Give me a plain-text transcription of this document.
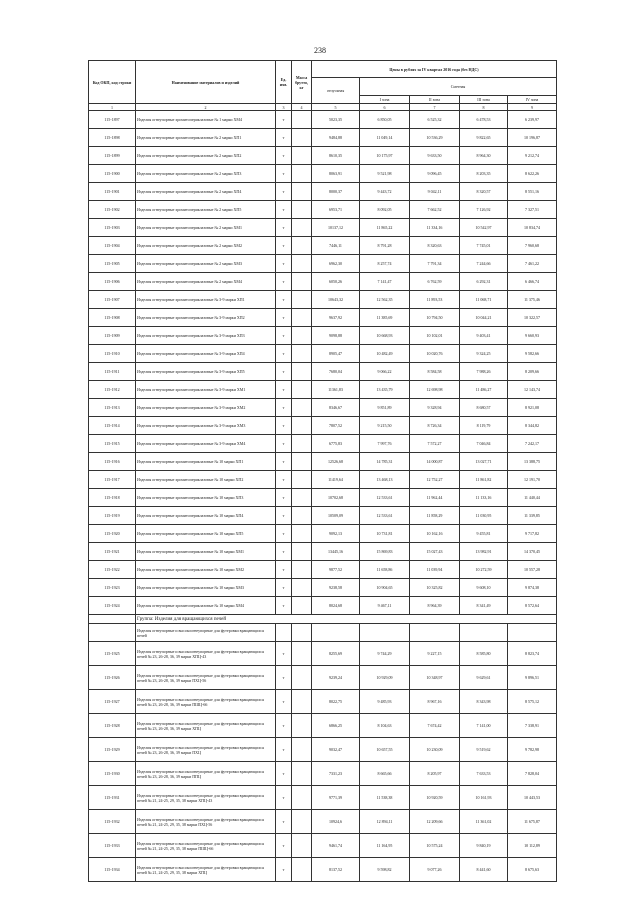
238
Код ОКП, код строки	Наименование материалов и изделий	Ед. изм.	Масса брутто, кг	Цены в рублях за IV квартал 2016 года (без НДС)				
				отпускная	Сметная			
					I зона	II зона	III зона	IV зона
1	2	3	4	5	6	7	8	9
115-1897	Изделия огнеупорные хромитопериклазовые № 1 марки ХМ4	т		5023,35	6 850,05	6 525,32	6 478,53	6 239,97
115-1898	Изделия огнеупорные хромитопериклазовые № 2 марки ХП1	т		9484,88	11 049,14	10 536,29	9 822,65	10 196,87
115-1899	Изделия огнеупорные хромитопериклазовые № 2 марки ХП2	т		8610,35	10 175,97	9 633,50	8 964,30	9 212,74
115-1900	Изделия огнеупорные хромитопериклазовые № 2 марки ХП3	т		8063,91	9 521,98	9 096,45	8 203,35	8 622,26
115-1901	Изделия огнеупорные хромитопериклазовые № 2 марки ХП4	т		8000,37	9 443,72	9 042,11	8 320,57	8 551,16
115-1902	Изделия огнеупорные хромитопериклазовые № 2 марки ХП5	т		6953,71	8 092,05	7 662,52	7 126,92	7 327,51
115-1903	Изделия огнеупорные хромитопериклазовые № 2 марки ХМ1	т		10137,12	11 865,22	11 334,16	10 542,97	10 834,74
115-1904	Изделия огнеупорные хромитопериклазовые № 2 марки ХМ2	т		7446,11	8 791,28	8 320,63	7 745,01	7 960,68
115-1905	Изделия огнеупорные хромитопериклазовые № 2 марки ХМ3	т		6962,30	8 257,74	7 791,34	7 244,66	7 461,22
115-1906	Изделия огнеупорные хромитопериклазовые № 2 марки ХМ4	т		6050,26	7 141,47	6 762,59	6 292,31	6 466,74
115-1907	Изделия огнеупорные хромитопериклазовые № 3-9 марки ХП1	т		10643,32	12 562,35	11 893,53	11 068,71	11 375,46
115-1908	Изделия огнеупорные хромитопериклазовые № 3-9 марки ХП2	т		9637,92	11 385,69	10 794,50	10 044,21	10 322,57
115-1909	Изделия огнеупорные хромитопериклазовые № 3-9 марки ХП3	т		9098,88	10 668,93	10 102,01	9 403,41	9 660,93
115-1910	Изделия огнеупорные хромитопериклазовые № 3-9 марки ХП4	т		8905,47	10 482,49	10 020,76	9 324,25	9 582,66
115-1911	Изделия огнеупорные хромитопериклазовые № 3-9 марки ХП5	т		7680,04	9 066,22	8 584,58	7 988,26	8 209,66
115-1912	Изделия огнеупорные хромитопериклазовые № 3-9 марки ХМ1	т		11361,83	13 435,79	12 698,98	11 486,27	12 143,74
115-1913	Изделия огнеупорные хромитопериклазовые № 3-9 марки ХМ2	т		8346,67	9 851,89	9 328,94	8 680,57	8 921,08
115-1914	Изделия огнеупорные хромитопериклазовые № 3-9 марки ХМ3	т		7807,52	9 215,50	8 726,34	8 119,79	8 344,82
115-1915	Изделия огнеупорные хромитопериклазовые № 3-9 марки ХМ4	т		6775,83	7 997,76	7 572,27	7 046,84	7 242,17
115-1916	Изделия огнеупорные хромитопериклазовые № 10 марки ХП1	т		12526,68	14 785,31	14 000,87	13 027,71	13 388,75
115-1917	Изделия огнеупорные хромитопериклазовые № 10 марки ХП2	т		11419,64	13 468,13	12 752,27	11 861,82	12 191,70
115-1918	Изделия огнеупорные хромитопериклазовые № 10 марки ХП3	т		10702,68	12 533,61	11 962,44	11 133,16	11 440,44
115-1919	Изделия огнеупорные хромитопериклазовые № 10 марки ХП4	т		10509,09	12 533,61	11 858,29	11 030,95	11 339,85
115-1920	Изделия огнеупорные хромитопериклазовые № 10 марки ХП5	т		9092,13	10 731,81	10 162,16	9 455,81	9 717,82
115-1921	Изделия огнеупорные хромитопериклазовые № 10 марки ХМ1	т		13445,16	15 869,83	15 027,43	13 982,91	14 370,45
115-1922	Изделия огнеупорные хромитопериклазовые № 10 марки ХМ2	т		9877,52	11 658,86	11 039,94	10 272,59	10 557,28
115-1923	Изделия огнеупорные хромитопериклазовые № 10 марки ХМ3	т		9238,58	10 904,65	10 325,82	9 608,10	9 874,38
115-1924	Изделия огнеупорные хромитопериклазовые № 10 марки ХМ4	т		8024,68	9 467,11	8 964,39	8 341,49	8 572,64
	Группа: Изделия для вращающихся печей							
	Изделия огнеупорные и высокоогнеупорные для футеровки вращающихся печей							
115-1925	Изделия огнеупорные и высокоогнеупорные для футеровки вращающихся печей № 23, 26-28, 36, 39 марки ХПЦ-43	т		8255,69	9 744,29	9 227,15	8 585,80	8 823,74
115-1926	Изделия огнеупорные и высокоогнеупорные для футеровки вращающихся печей № 23, 26-28, 36, 39 марки ПХЦ-56	т		9239,24	10 929,09	10 348,97	9 629,61	9 896,51
115-1927	Изделия огнеупорные и высокоогнеупорные для футеровки вращающихся печей № 23, 26-28, 36, 39 марки ПШЦ-66	т		8022,75	9 485,93	8 967,16	8 343,98	8 575,12
115-1928	Изделия огнеупорные и высокоогнеупорные для футеровки вращающихся печей № 23, 26-28, 36, 39 марки ХПЦ	т		6866,25	8 104,63	7 674,42	7 141,00	7 338,91
115-1929	Изделия огнеупорные и высокоогнеупорные для футеровки вращающихся печей № 23, 26-28, 36, 39 марки ПХЦ	т		9032,47	10 657,55	10 230,09	9 519,62	9 782,98
115-1930	Изделия огнеупорные и высокоогнеупорные для футеровки вращающихся печей № 23, 26-28, 36, 39 марки ППЦ	т		7331,23	8 665,66	8 205,97	7 633,53	7 828,04
115-1931	Изделия огнеупорные и высокоогнеупорные для футеровки вращающихся печей № 21, 24-25, 29, 35, 38 марки ХПЦ-43	т		9771,39	11 538,38	10 920,59	10 161,93	10 443,53
115-1932	Изделия огнеупорные и высокоогнеупорные для футеровки вращающихся печей № 21, 24-25, 29, 35, 38 марки ПХЦ-56	т		10924,6	12 894,11	12 209,66	11 361,02	11 675,87
115-1933	Изделия огнеупорные и высокоогнеупорные для футеровки вращающихся печей № 21, 24-25, 29, 35, 38 марки ПШЦ-66	т		9461,74	11 164,95	10 575,24	9 840,19	10 112,89
115-1934	Изделия огнеупорные и высокоогнеупорные для футеровки вращающихся печей № 21, 24-25, 29, 35, 38 марки ХПЦ	т		8137,52	9 598,82	9 077,26	8 441,60	8 675,63
